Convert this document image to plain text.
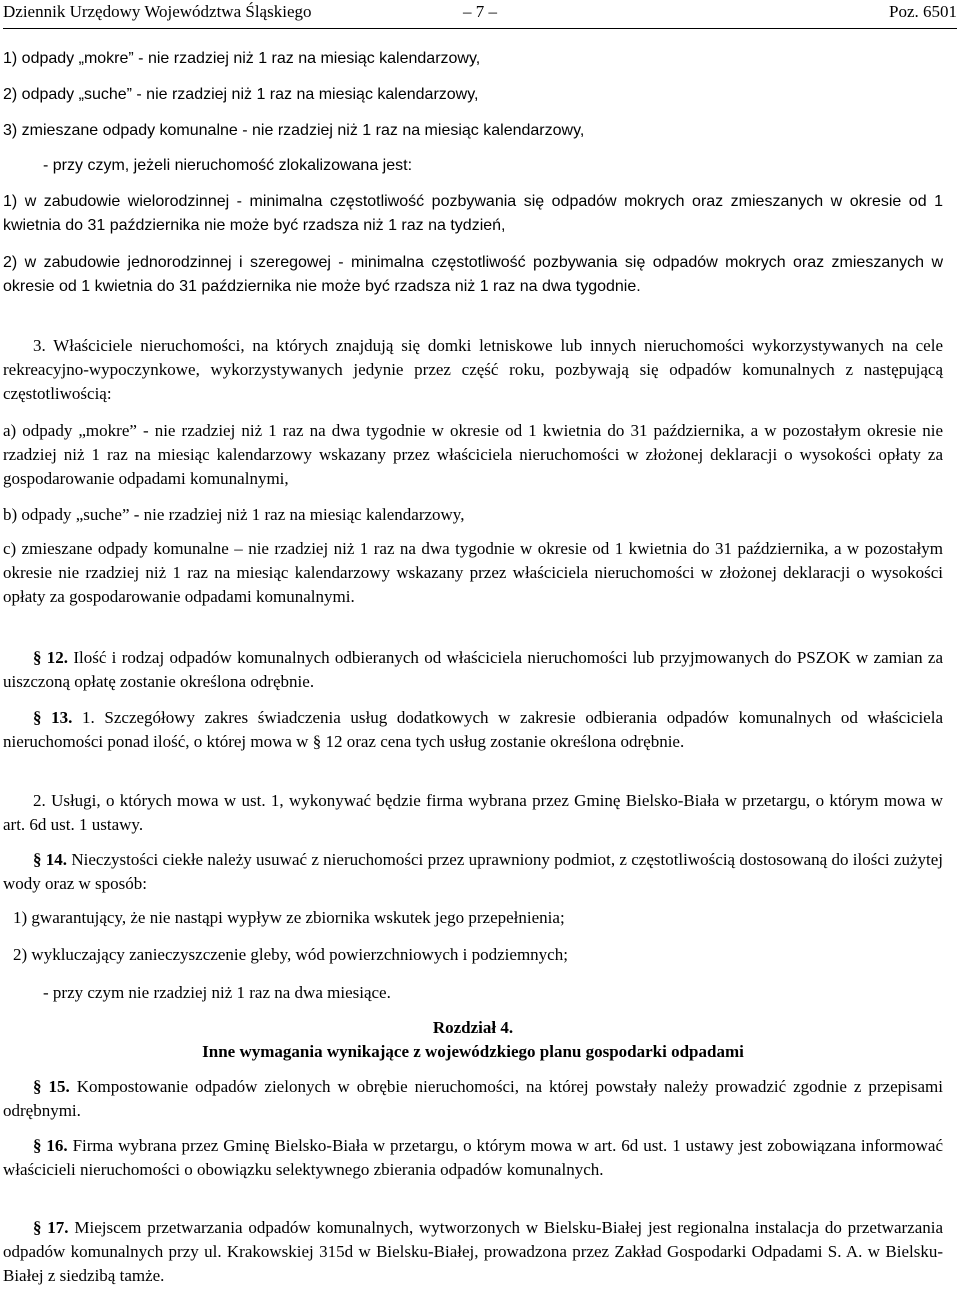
Dziennik Urzędowy Województwa Śląskiego	– 7 –	Poz. 6501

1) odpady „mokre” - nie rzadziej niż 1 raz na miesiąc kalendarzowy,

2) odpady „suche” - nie rzadziej niż 1 raz na miesiąc kalendarzowy,

3) zmieszane odpady komunalne - nie rzadziej niż 1 raz na miesiąc kalendarzowy,

- przy czym, jeżeli nieruchomość zlokalizowana jest:

1) w zabudowie wielorodzinnej - minimalna częstotliwość pozbywania się odpadów mokrych oraz zmieszanych w okresie od 1 kwietnia do 31 października nie może być rzadsza niż 1 raz na tydzień,

2) w zabudowie jednorodzinnej i szeregowej - minimalna częstotliwość pozbywania się odpadów mokrych oraz zmieszanych w okresie od 1 kwietnia do 31 października nie może być rzadsza niż 1 raz na dwa tygodnie.

3. Właściciele nieruchomości, na których znajdują się domki letniskowe lub innych nieruchomości wykorzystywanych na cele rekreacyjno-wypoczynkowe, wykorzystywanych jedynie przez część roku, pozbywają się odpadów komunalnych z następującą częstotliwością:

a) odpady „mokre” - nie rzadziej niż 1 raz na dwa tygodnie w okresie od 1 kwietnia do 31 października, a w pozostałym okresie nie rzadziej niż 1 raz na miesiąc kalendarzowy wskazany przez właściciela nieruchomości w złożonej deklaracji o wysokości opłaty za gospodarowanie odpadami komunalnymi,

b) odpady „suche” - nie rzadziej niż 1 raz na miesiąc kalendarzowy,

c) zmieszane odpady komunalne – nie rzadziej niż 1 raz na dwa tygodnie w okresie od 1 kwietnia do 31 października, a w pozostałym okresie nie rzadziej niż 1 raz na miesiąc kalendarzowy wskazany przez właściciela nieruchomości w złożonej deklaracji o wysokości opłaty za gospodarowanie odpadami komunalnymi.

§ 12. Ilość i rodzaj odpadów komunalnych odbieranych od właściciela nieruchomości lub przyjmowanych do PSZOK w zamian za uiszczoną opłatę zostanie określona odrębnie.

§ 13. 1. Szczegółowy zakres świadczenia usług dodatkowych w zakresie odbierania odpadów komunalnych od właściciela nieruchomości ponad ilość, o której mowa w § 12 oraz cena tych usług zostanie określona odrębnie.

2. Usługi, o których mowa w ust. 1, wykonywać będzie firma wybrana przez Gminę Bielsko-Biała w przetargu, o którym mowa w art. 6d ust. 1 ustawy.

§ 14. Nieczystości ciekłe należy usuwać z nieruchomości przez uprawniony podmiot, z częstotliwością dostosowaną do ilości zużytej wody oraz w sposób:

1) gwarantujący, że nie nastąpi wypływ ze zbiornika wskutek jego przepełnienia;

2) wykluczający zanieczyszczenie gleby, wód powierzchniowych i podziemnych;

- przy czym nie rzadziej niż 1 raz na dwa miesiące.

Rozdział 4.

Inne wymagania wynikające z wojewódzkiego planu gospodarki odpadami

§ 15. Kompostowanie odpadów zielonych w obrębie nieruchomości, na której powstały należy prowadzić zgodnie z przepisami odrębnymi.

§ 16. Firma wybrana przez Gminę Bielsko-Biała w przetargu, o którym mowa w art. 6d ust. 1 ustawy jest zobowiązana informować właścicieli nieruchomości o obowiązku selektywnego zbierania odpadów komunalnych.

§ 17. Miejscem przetwarzania odpadów komunalnych, wytworzonych w Bielsku-Białej jest regionalna instalacja do przetwarzania odpadów komunalnych przy ul. Krakowskiej 315d w Bielsku-Białej, prowadzona przez Zakład Gospodarki Odpadami S. A. w Bielsku-Białej z siedzibą tamże.
